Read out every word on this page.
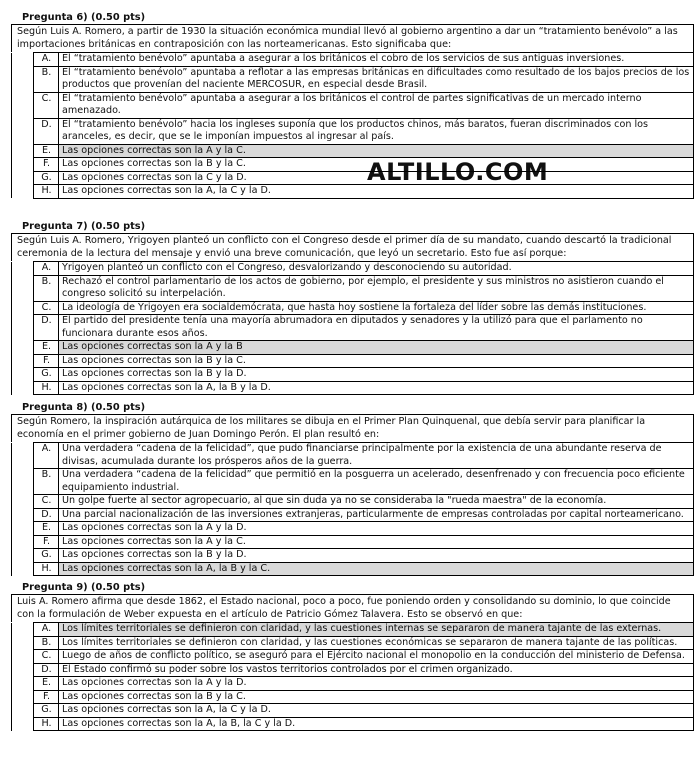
ALTILLO.COM
Pregunta 6) (0.50 pts)
Según Luis A. Romero, a partir de 1930 la situación económica mundial llevó al gobierno argentino a dar un “tratamiento benévolo” a las importaciones británicas en contraposición con las norteamericanas. Esto significaba que:
	A.	El “tratamiento benévolo” apuntaba a asegurar a los británicos el cobro de los servicios de sus antiguas inversiones.
	B.	El “tratamiento benévolo” apuntaba a reflotar a las empresas británicas en dificultades como resultado de los bajos precios de los productos que provenían del naciente MERCOSUR, en especial desde Brasil.
	C.	El “tratamiento benévolo” apuntaba a asegurar a los británicos el control de partes significativas de un mercado interno amenazado.
	D.	El “tratamiento benévolo” hacia los ingleses suponía que los productos chinos, más baratos, fueran discriminados con los aranceles, es decir, que se le imponían impuestos al ingresar al país.
	E.	Las opciones correctas son la A y la C.
	F.	Las opciones correctas son la B y la C.
	G.	Las opciones correctas son la C y la D.
	H.	Las opciones correctas son la A, la C y la D.
Pregunta 7) (0.50 pts)
Según Luis A. Romero, Yrigoyen planteó un conflicto con el Congreso desde el primer día de su mandato, cuando descartó la tradicional ceremonia de la lectura del mensaje y envió una breve comunicación, que leyó un secretario. Esto fue así porque:
	A.	Yrigoyen planteó un conflicto con el Congreso, desvalorizando y desconociendo su autoridad.
	B.	Rechazó el control parlamentario de los actos de gobierno, por ejemplo, el presidente y sus ministros no asistieron cuando el congreso solicitó su interpelación.
	C.	La ideología de Yrigoyen era socialdemócrata, que hasta hoy sostiene la fortaleza del líder sobre las demás instituciones.
	D.	El partido del presidente tenía una mayoría abrumadora en diputados y senadores y la utilizó para que el parlamento no funcionara durante esos años.
	E.	Las opciones correctas son la A y la B
	F.	Las opciones correctas son la B y la C.
	G.	Las opciones correctas son la B y la D.
	H.	Las opciones correctas son la A, la B y la D.
Pregunta 8) (0.50 pts)
Según Romero, la inspiración autárquica de los militares se dibuja en el Primer Plan Quinquenal, que debía servir para planificar la economía en el primer gobierno de Juan Domingo Perón. El plan resultó en:
	A.	Una verdadera “cadena de la felicidad”, que pudo financiarse principalmente por la existencia de una abundante reserva de divisas, acumulada durante los prósperos años de la guerra.
	B.	Una verdadera “cadena de la felicidad” que permitió en la posguerra un acelerado, desenfrenado y con frecuencia poco eficiente equipamiento industrial.
	C.	Un golpe fuerte al sector agropecuario, al que sin duda ya no se consideraba la "rueda maestra" de la economía.
	D.	Una parcial nacionalización de las inversiones extranjeras, particularmente de empresas controladas por capital norteamericano.
	E.	Las opciones correctas son la A y la D.
	F.	Las opciones correctas son la A y la C.
	G.	Las opciones correctas son la B y la D.
	H.	Las opciones correctas son la A, la B y la C.
Pregunta 9) (0.50 pts)
Luis A. Romero afirma que desde 1862, el Estado nacional, poco a poco, fue poniendo orden y consolidando su dominio, lo que coincide con la formulación de Weber expuesta en el artículo de Patricio Gómez Talavera. Esto se observó en que:
	A.	Los límites territoriales se definieron con claridad, y las cuestiones internas se separaron de manera tajante de las externas.
	B.	Los límites territoriales se definieron con claridad, y las cuestiones económicas se separaron de manera tajante de las políticas.
	C.	Luego de años de conflicto político, se aseguró para el Ejército nacional el monopolio en la conducción del ministerio de Defensa.
	D.	El Estado confirmó su poder sobre los vastos territorios controlados por el crimen organizado.
	E.	Las opciones correctas son la A y la D.
	F.	Las opciones correctas son la B y la C.
	G.	Las opciones correctas son la A, la C y la D.
	H.	Las opciones correctas son la A, la B, la C y la D.
